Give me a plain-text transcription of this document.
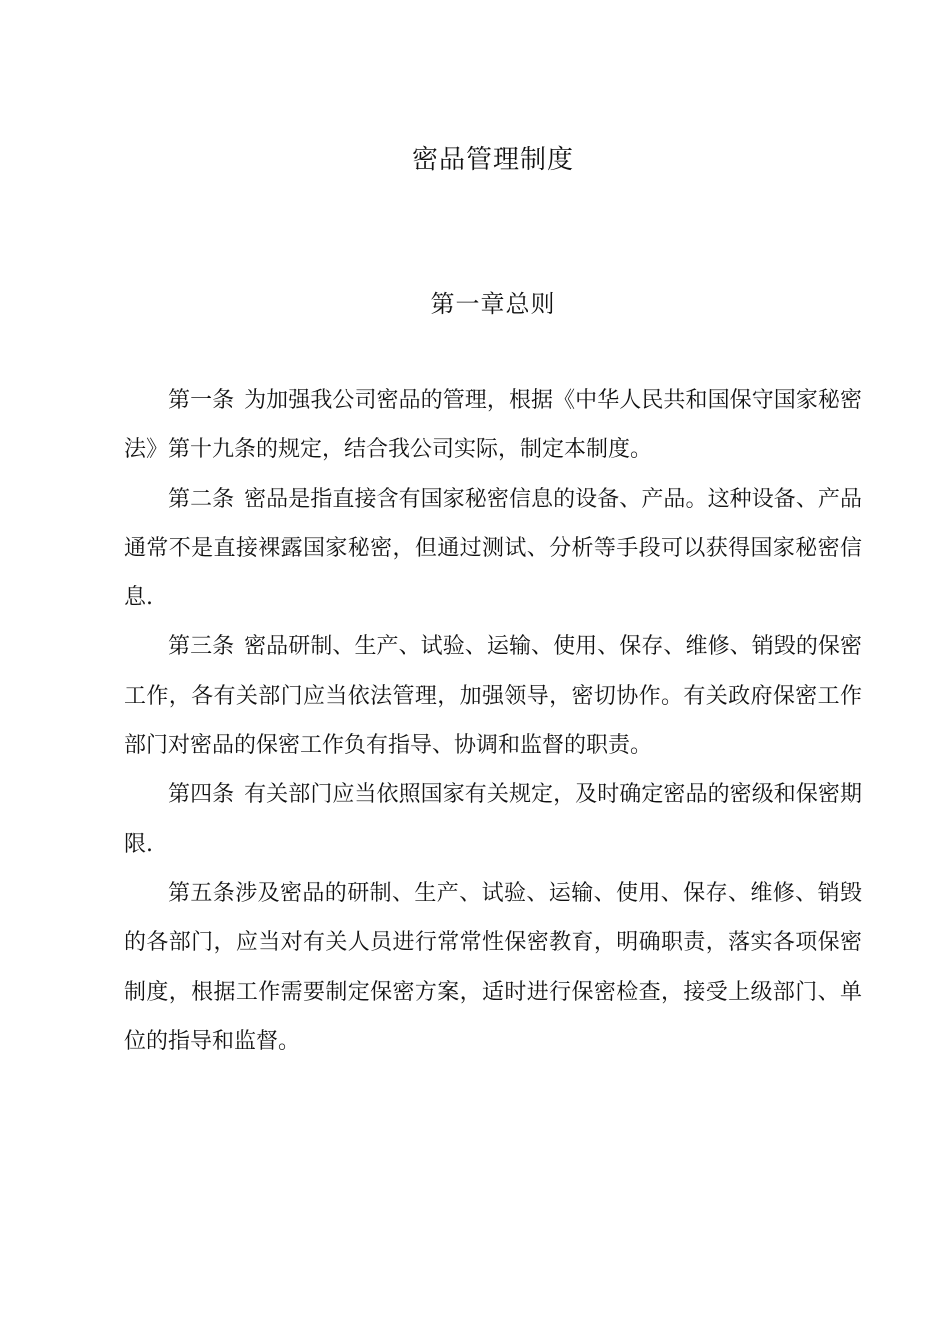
密品管理制度
第一章总则

第一条 为加强我公司密品的管理，根据《中华人民共和国保守国家秘密法》第十九条的规定，结合我公司实际，制定本制度。

第二条 密品是指直接含有国家秘密信息的设备、产品。这种设备、产品通常不是直接裸露国家秘密，但通过测试、分析等手段可以获得国家秘密信息.

第三条 密品研制、生产、试验、运输、使用、保存、维修、销毁的保密工作，各有关部门应当依法管理，加强领导，密切协作。有关政府保密工作部门对密品的保密工作负有指导、协调和监督的职责。

第四条 有关部门应当依照国家有关规定，及时确定密品的密级和保密期限.

第五条涉及密品的研制、生产、试验、运输、使用、保存、维修、销毁的各部门，应当对有关人员进行常常性保密教育，明确职责，落实各项保密制度，根据工作需要制定保密方案，适时进行保密检查，接受上级部门、单位的指导和监督。
